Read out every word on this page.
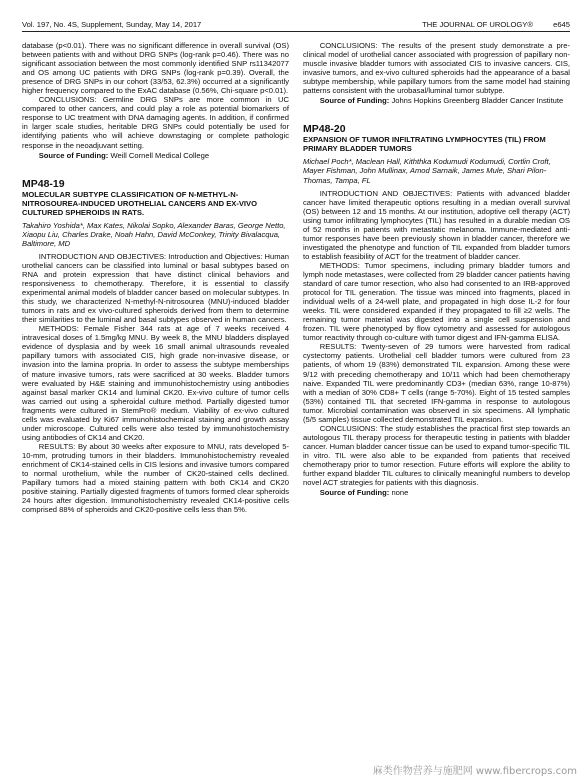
Vol. 197, No. 4S, Supplement, Sunday, May 14, 2017	THE JOURNAL OF UROLOGY®	e645

database (p<0.01). There was no significant difference in overall survival (OS) between patients with and without DRG SNPs (log-rank p=0.46). There was no significant association between the most commonly identified SNP rs11342077 and OS among UC patients with DRG SNPs (log-rank p=0.39). Overall, the presence of DRG SNPs in our cohort (33/53, 62.3%) occurred at a significantly higher frequency compared to the ExAC database (0.56%, Chi-square p<0.01).

CONCLUSIONS: Germline DRG SNPs are more common in UC compared to other cancers, and could play a role as potential biomarkers of response to UC treatment with DNA damaging agents. In addition, if confirmed in larger scale studies, heritable DRG SNPs could potentially be used for identifying patients who will achieve downstaging or complete pathologic response in the neoadjuvant setting.

Source of Funding: Weill Cornell Medical College

MP48-19
MOLECULAR SUBTYPE CLASSIFICATION OF N-METHYL-N-NITROSOUREA-INDUCED UROTHELIAL CANCERS AND EX-VIVO CULTURED SPHEROIDS IN RATS.
Takahiro Yoshida*, Max Kates, Nikolai Sopko, Alexander Baras, George Netto, Xiaopu Liu, Charles Drake, Noah Hahn, David McConkey, Trinity Bivalacqua, Baltimore, MD

INTRODUCTION AND OBJECTIVES: Introduction and Objectives: Human urothelial cancers can be classified into luminal or basal subtypes based on RNA and protein expression that have distinct clinical behaviors and responsiveness to chemotherapy. Therefore, it is essential to classify experimental animal models of bladder cancer based on molecular subtypes. In this study, we characterized N-methyl-N-nitrosourea (MNU)-induced bladder tumors in rats and ex vivo-cultured spheroids derived from them to determine their similarities to the luminal and basal subtypes observed in human cancers.

METHODS: Female Fisher 344 rats at age of 7 weeks received 4 intravesical doses of 1.5mg/kg MNU. By week 8, the MNU bladders displayed evidence of dysplasia and by week 16 small animal ultrasounds revealed papillary tumors with associated CIS, high grade non-invasive disease, or invasion into the lamina propria. In order to assess the subtype memberships of mature invasive tumors, rats were sacrificed at 30 weeks. Bladder tumors were evaluated by H&E staining and immunohistochemistry using antibodies against basal marker CK14 and luminal CK20. Ex-vivo culture of tumor cells was carried out using a spheroidal culture method. Partially digested tumor fragments were cultured in StemPro® medium. Viability of ex-vivo cultured cells was evaluated by Ki67 immunohistochemical staining and growth assay under microscope. Cultured cells were also tested by immunohistochemistry using antibodies of CK14 and CK20.

RESULTS: By about 30 weeks after exposure to MNU, rats developed 5-10-mm, protruding tumors in their bladders. Immunohistochemistry revealed enrichment of CK14-stained cells in CIS lesions and invasive tumors compared to normal urothelium, while the number of CK20-stained cells declined. Papillary tumors had a mixed staining pattern with both CK14 and CK20 positive staining. Partially digested fragments of tumors formed clear spheroids 24 hours after digestion. Immunohistochemistry revealed CK14-positive cells comprised 88% of spheroids and CK20-positive cells less than 5%.

CONCLUSIONS: The results of the present study demonstrate a pre-clinical model of urothelial cancer associated with progression of papillary non-muscle invasive bladder tumors with associated CIS to invasive cancers. CIS, invasive tumors, and ex-vivo cultured spheroids had the appearance of a basal subtype membership, while papillary tumors from the same model had staining patterns consistent with the urobasal/luminal tumor subtype.

Source of Funding: Johns Hopkins Greenberg Bladder Cancer Institute

MP48-20
EXPANSION OF TUMOR INFILTRATING LYMPHOCYTES (TIL) FROM PRIMARY BLADDER TUMORS
Michael Poch*, Maclean Hall, Kiththka Kodumudi Kodumudi, Cortlin Croft, Mayer Fishman, John Mullinax, Amod Sarnaik, James Mule, Shari Pilon-Thomas, Tampa, FL

INTRODUCTION AND OBJECTIVES: Patients with advanced bladder cancer have limited therapeutic options resulting in a median overall survival (OS) between 12 and 15 months. At our institution, adoptive cell therapy (ACT) using tumor infiltrating lymphocytes (TIL) has resulted in a durable median OS of 52 months in patients with metastatic melanoma. Immune-mediated anti-tumor responses have been previously shown in bladder cancer, therefore we investigated the phenotype and function of TIL expanded from bladder tumors to establish feasibility of ACT for the treatment of bladder cancer.

METHODS: Tumor specimens, including primary bladder tumors and lymph node metastases, were collected from 29 bladder cancer patients having standard of care tumor resection, who also had consented to an IRB-approved protocol for TIL generation. The tissue was minced into fragments, placed in individual wells of a 24-well plate, and propagated in high dose IL-2 for four weeks. TIL were considered expanded if they propagated to fill ≥2 wells. The remaining tumor material was digested into a single cell suspension and frozen. TIL were phenotyped by flow cytometry and assessed for autologous tumor reactivity through co-culture with tumor digest and IFN-gamma ELISA.

RESULTS: Twenty-seven of 29 tumors were harvested from radical cystectomy patients. Urothelial cell bladder tumors were cultured from 23 patients, of whom 19 (83%) demonstrated TIL expansion. Among these were 9/12 with preceding chemotherapy and 10/11 which had been chemotherapy naive. Expanded TIL were predominantly CD3+ (median 63%, range 10-87%) with a median of 30% CD8+ T cells (range 5-70%). Eight of 15 tested samples (53%) contained TIL that secreted IFN-gamma in response to autologous tumor. Microbial contamination was observed in six specimens. All lymphatic (5/5 samples) tissue collected demonstrated TIL expansion.

CONCLUSIONS: The study establishes the practical first step towards an autologous TIL therapy process for therapeutic testing in patients with bladder cancer. Human bladder cancer tissue can be used to expand tumor-specific TIL in vitro. TIL were also able to be expanded from patients that received chemotherapy prior to tumor resection. Future efforts will explore the ability to further expand bladder TIL cultures to clinically meaningful numbers to develop novel ACT strategies for patients with this diagnosis.

Source of Funding: none

麻类作物营养与施肥网 www.fibercrops.com
